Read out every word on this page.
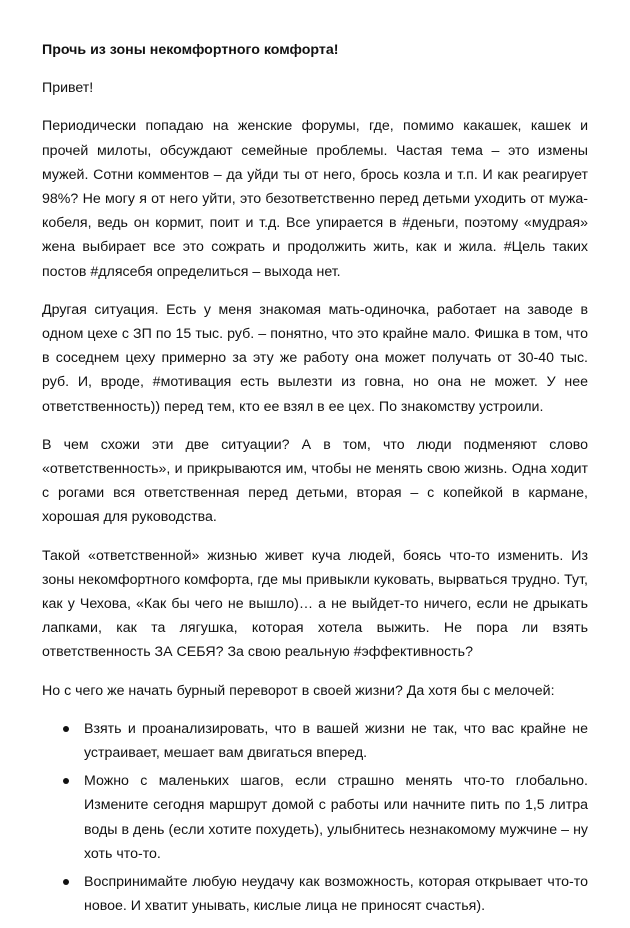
Прочь из зоны некомфортного комфорта!

Привет!

Периодически попадаю на женские форумы, где, помимо какашек, кашек и прочей милоты, обсуждают семейные проблемы. Частая тема – это измены мужей. Сотни комментов – да уйди ты от него, брось козла и т.п. И как реагирует 98%? Не могу я от него уйти, это безответственно перед детьми уходить от мужа-кобеля, ведь он кормит, поит и т.д. Все упирается в #деньги, поэтому «мудрая» жена выбирает все это сожрать и продолжить жить, как и жила. #Цель таких постов #длясебя определиться – выхода нет.

Другая ситуация. Есть у меня знакомая мать-одиночка, работает на заводе в одном цехе с ЗП по 15 тыс. руб. – понятно, что это крайне мало. Фишка в том, что в соседнем цеху примерно за эту же работу она может получать от 30-40 тыс. руб. И, вроде, #мотивация есть вылезти из говна, но она не может. У нее ответственность)) перед тем, кто ее взял в ее цех. По знакомству устроили.

В чем схожи эти две ситуации? А в том, что люди подменяют слово «ответственность», и прикрываются им, чтобы не менять свою жизнь. Одна ходит с рогами вся ответственная перед детьми, вторая – с копейкой в кармане, хорошая для руководства.

Такой «ответственной» жизнью живет куча людей, боясь что-то изменить. Из зоны некомфортного комфорта, где мы привыкли куковать, вырваться трудно. Тут, как у Чехова, «Как бы чего не вышло)… а не выйдет-то ничего, если не дрыкать лапками, как та лягушка, которая хотела выжить. Не пора ли взять ответственность ЗА СЕБЯ? За свою реальную #эффективность?

Но с чего же начать бурный переворот в своей жизни? Да хотя бы с мелочей:

Взять и проанализировать, что в вашей жизни не так, что вас крайне не устраивает, мешает вам двигаться вперед.
Можно с маленьких шагов, если страшно менять что-то глобально. Измените сегодня маршрут домой с работы или начните пить по 1,5 литра воды в день (если хотите похудеть), улыбнитесь незнакомому мужчине – ну хоть что-то.
Воспринимайте любую неудачу как возможность, которая открывает что-то новое. И хватит унывать, кислые лица не приносят счастья).
